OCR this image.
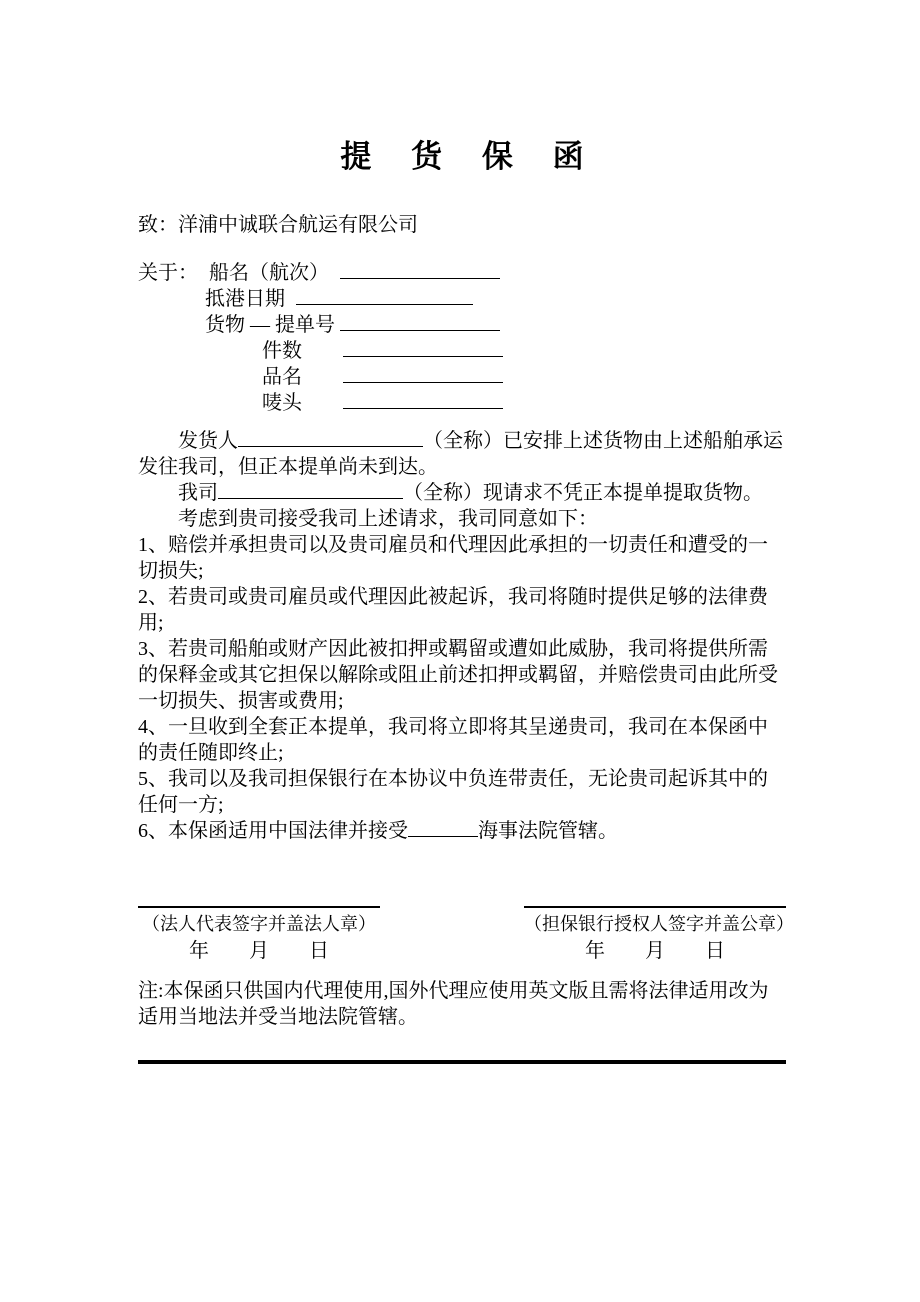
提 货 保 函
致：洋浦中诚联合航运有限公司
关于： 船名（航次）
抵港日期
货物 — 提单号
件数
品名
唛头
发货人	（全称）已安排上述货物由上述船舶承运发往我司，但正本提单尚未到达。
我司	（全称）现请求不凭正本提单提取货物。
考虑到贵司接受我司上述请求，我司同意如下：
1、赔偿并承担贵司以及贵司雇员和代理因此承担的一切责任和遭受的一切损失;
2、若贵司或贵司雇员或代理因此被起诉，我司将随时提供足够的法律费用;
3、若贵司船舶或财产因此被扣押或羁留或遭如此威胁，我司将提供所需的保释金或其它担保以解除或阻止前述扣押或羁留，并赔偿贵司由此所受一切损失、损害或费用;
4、一旦收到全套正本提单，我司将立即将其呈递贵司，我司在本保函中的责任随即终止;
5、我司以及我司担保银行在本协议中负连带责任，无论贵司起诉其中的任何一方;
6、本保函适用中国法律并接受	海事法院管辖。
（法人代表签字并盖法人章）
年　　月　　日
（担保银行授权人签字并盖公章）
年　　月　　日
注:本保函只供国内代理使用,国外代理应使用英文版且需将法律适用改为适用当地法并受当地法院管辖。
